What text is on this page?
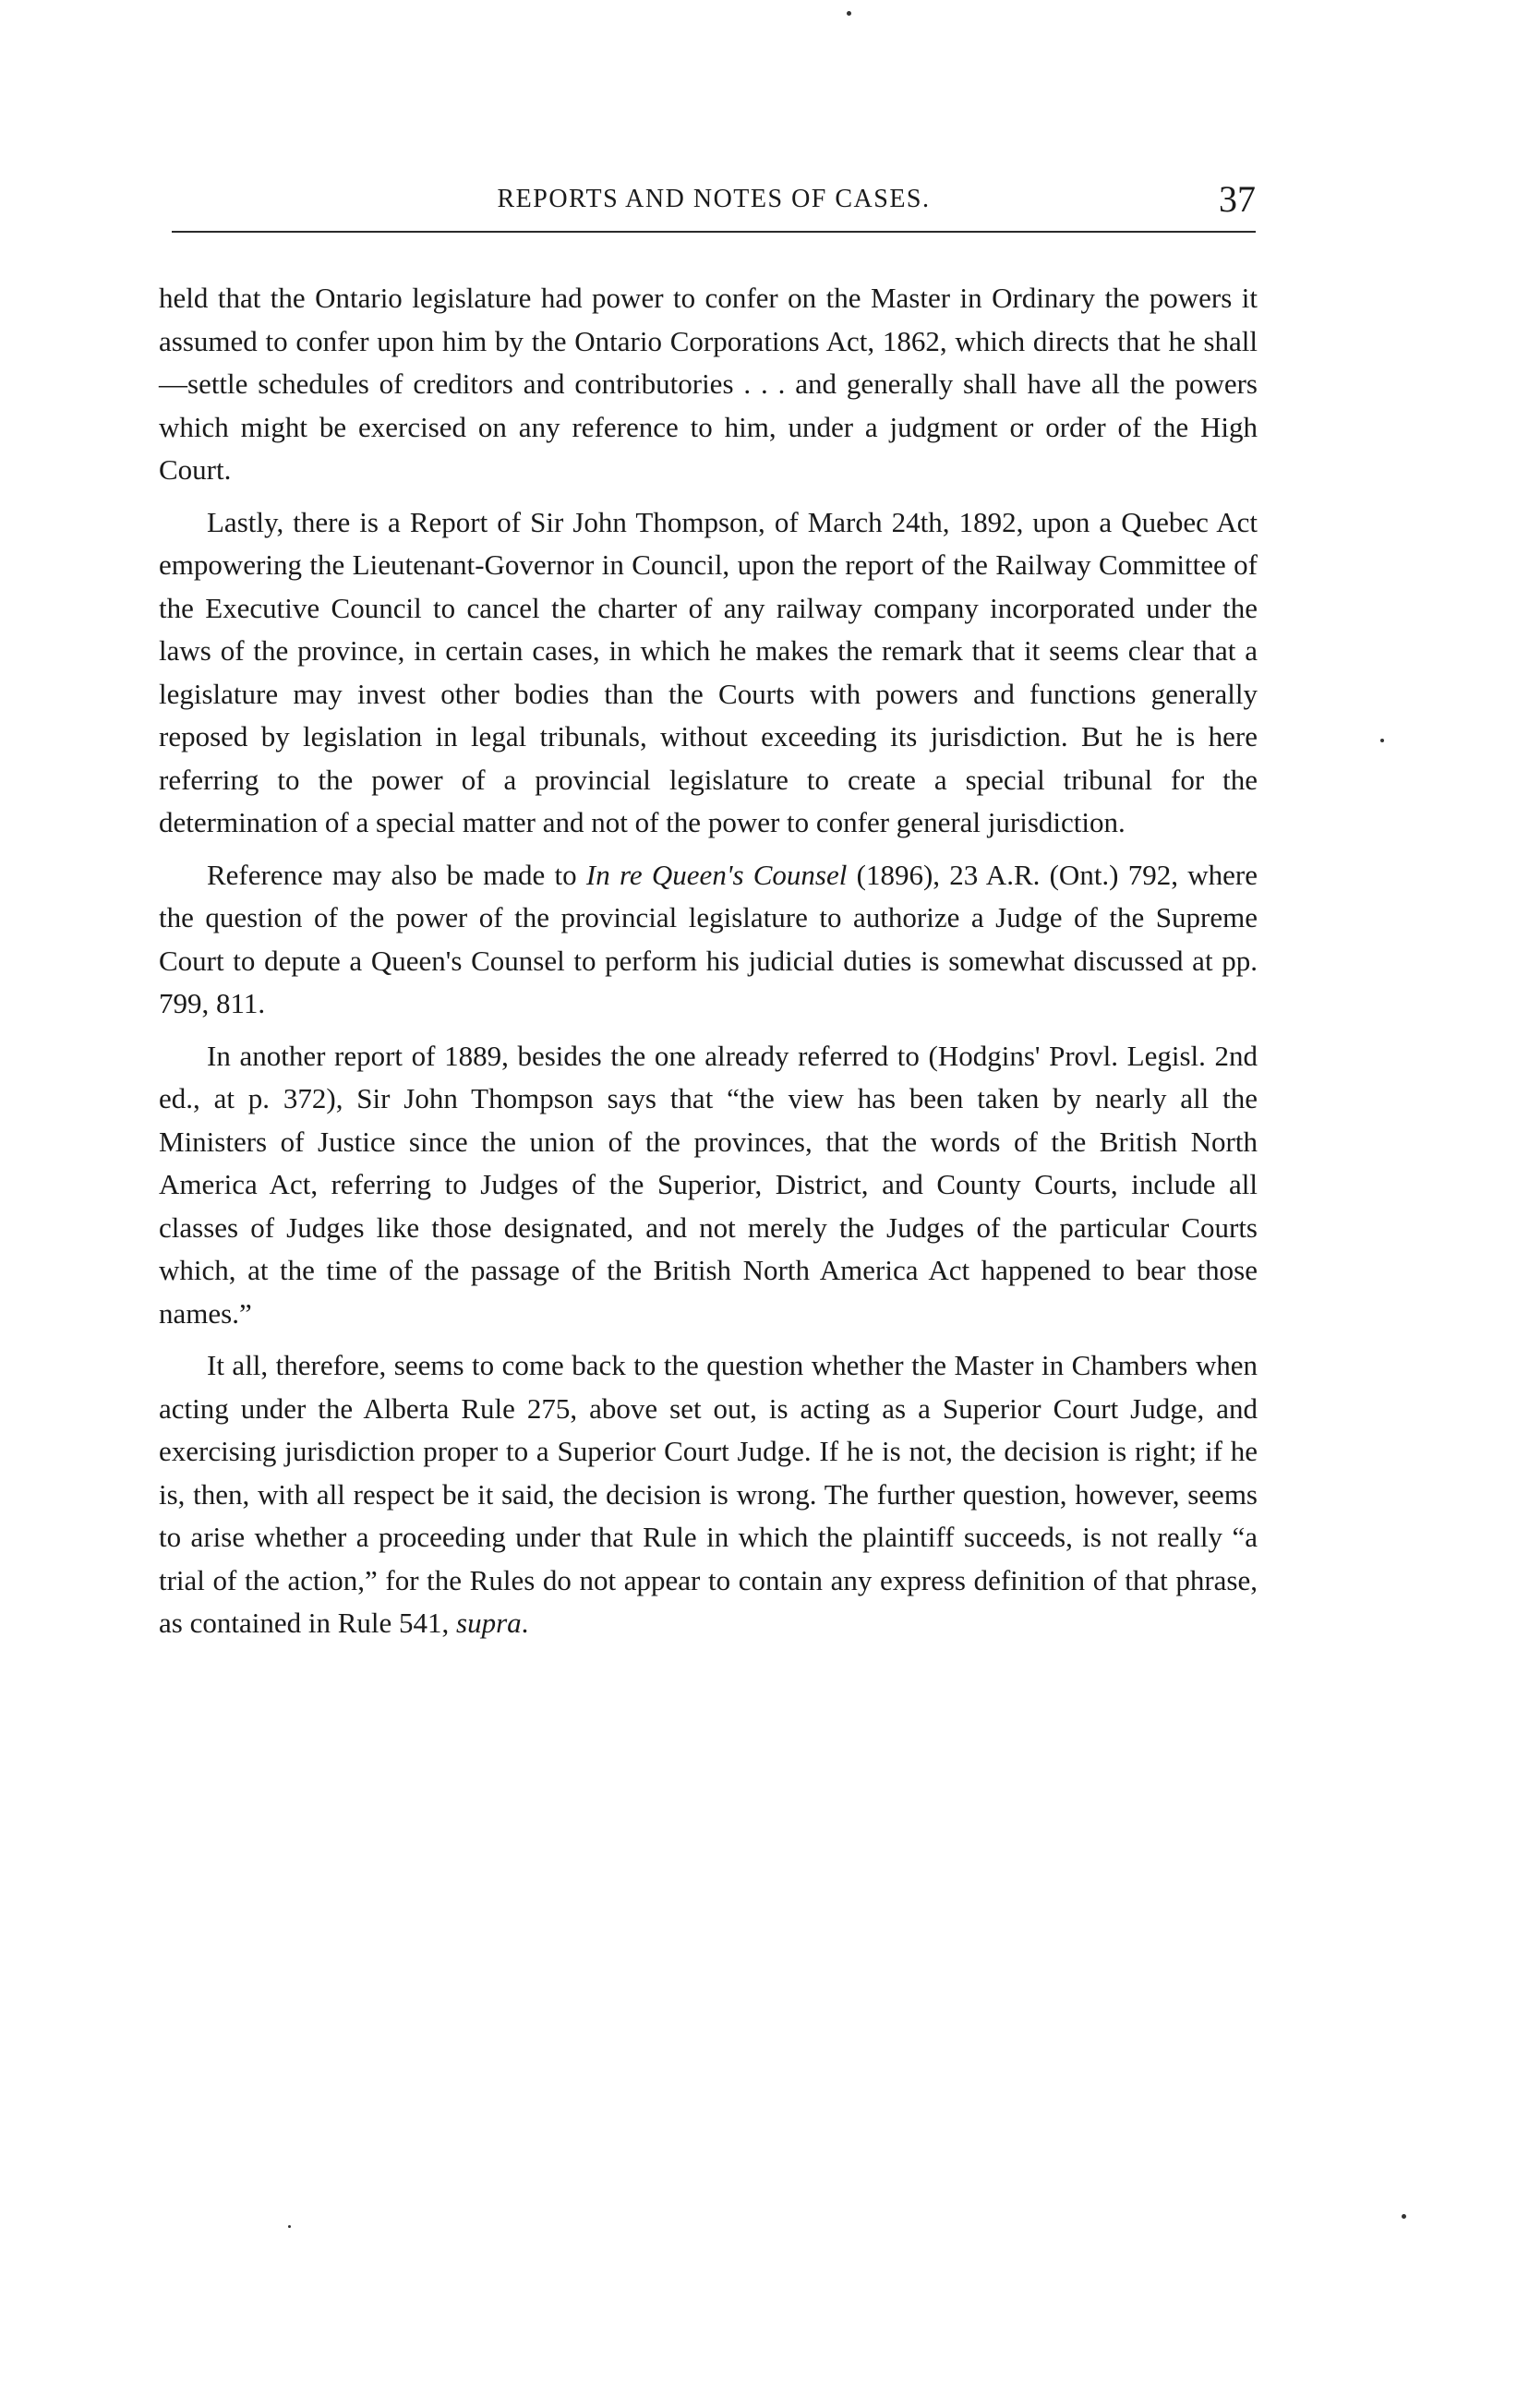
REPORTS AND NOTES OF CASES.	37

held that the Ontario legislature had power to confer on the Master in Ordinary the powers it assumed to confer upon him by the Ontario Corporations Act, 1862, which directs that he shall—settle schedules of creditors and contributories . . . and generally shall have all the powers which might be exercised on any reference to him, under a judgment or order of the High Court.

Lastly, there is a Report of Sir John Thompson, of March 24th, 1892, upon a Quebec Act empowering the Lieutenant-Governor in Council, upon the report of the Railway Committee of the Executive Council to cancel the charter of any railway company incorporated under the laws of the province, in certain cases, in which he makes the remark that it seems clear that a legislature may invest other bodies than the Courts with powers and functions generally reposed by legislation in legal tribunals, without exceeding its jurisdiction. But he is here referring to the power of a provincial legislature to create a special tribunal for the determination of a special matter and not of the power to confer general jurisdiction.

Reference may also be made to In re Queen's Counsel (1896), 23 A.R. (Ont.) 792, where the question of the power of the provincial legislature to authorize a Judge of the Supreme Court to depute a Queen's Counsel to perform his judicial duties is somewhat discussed at pp. 799, 811.

In another report of 1889, besides the one already referred to (Hodgins' Provl. Legisl. 2nd ed., at p. 372), Sir John Thompson says that “the view has been taken by nearly all the Ministers of Justice since the union of the provinces, that the words of the British North America Act, referring to Judges of the Superior, District, and County Courts, include all classes of Judges like those designated, and not merely the Judges of the particular Courts which, at the time of the passage of the British North America Act happened to bear those names.”

It all, therefore, seems to come back to the question whether the Master in Chambers when acting under the Alberta Rule 275, above set out, is acting as a Superior Court Judge, and exercising jurisdiction proper to a Superior Court Judge. If he is not, the decision is right; if he is, then, with all respect be it said, the decision is wrong. The further question, however, seems to arise whether a proceeding under that Rule in which the plaintiff succeeds, is not really “a trial of the action,” for the Rules do not appear to contain any express definition of that phrase, as contained in Rule 541, supra.
